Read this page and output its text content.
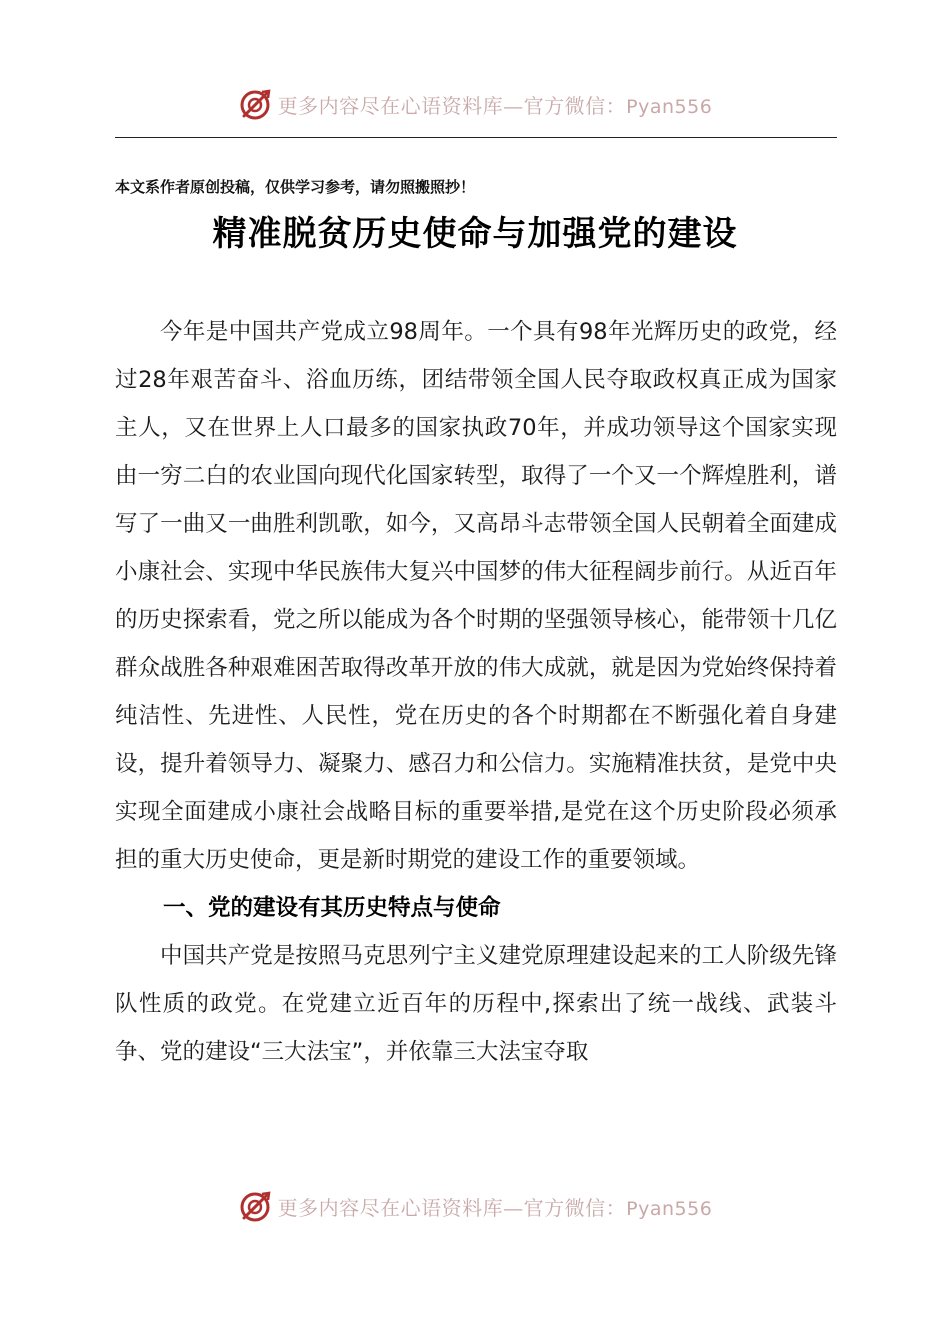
更多内容尽在心语资料库—官方微信：Pyan556
本文系作者原创投稿，仅供学习参考，请勿照搬照抄！
精准脱贫历史使命与加强党的建设

今年是中国共产党成立98周年。一个具有98年光辉历史的政党，经过28年艰苦奋斗、浴血历练，团结带领全国人民夺取政权真正成为国家主人，又在世界上人口最多的国家执政70年，并成功领导这个国家实现由一穷二白的农业国向现代化国家转型，取得了一个又一个辉煌胜利，谱写了一曲又一曲胜利凯歌，如今，又高昂斗志带领全国人民朝着全面建成小康社会、实现中华民族伟大复兴中国梦的伟大征程阔步前行。从近百年的历史探索看，党之所以能成为各个时期的坚强领导核心，能带领十几亿群众战胜各种艰难困苦取得改革开放的伟大成就，就是因为党始终保持着纯洁性、先进性、人民性，党在历史的各个时期都在不断强化着自身建设，提升着领导力、凝聚力、感召力和公信力。实施精准扶贫，是党中央实现全面建成小康社会战略目标的重要举措,是党在这个历史阶段必须承担的重大历史使命，更是新时期党的建设工作的重要领域。

一、党的建设有其历史特点与使命

中国共产党是按照马克思列宁主义建党原理建设起来的工人阶级先锋队性质的政党。在党建立近百年的历程中,探索出了统一战线、武装斗争、党的建设“三大法宝”，并依靠三大法宝夺取

更多内容尽在心语资料库—官方微信：Pyan556
